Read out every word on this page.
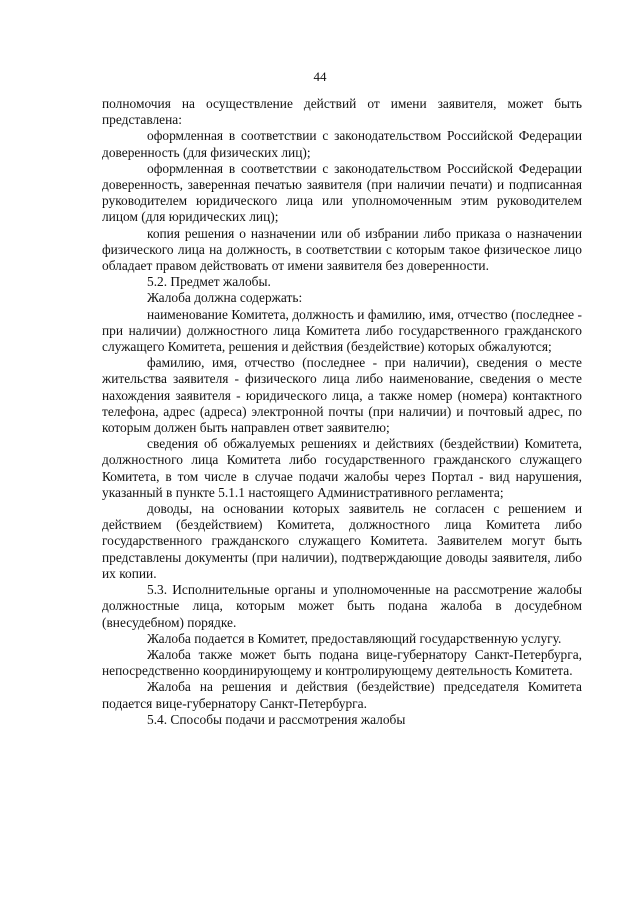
44

полномочия на осуществление действий от имени заявителя, может быть представлена:

оформленная в соответствии с законодательством Российской Федерации доверенность (для физических лиц);

оформленная в соответствии с законодательством Российской Федерации доверенность, заверенная печатью заявителя (при наличии печати) и подписанная руководителем юридического лица или уполномоченным этим руководителем лицом (для юридических лиц);

копия решения о назначении или об избрании либо приказа о назначении физического лица на должность, в соответствии с которым такое физическое лицо обладает правом действовать от имени заявителя без доверенности.

5.2. Предмет жалобы.

Жалоба должна содержать:

наименование Комитета, должность и фамилию, имя, отчество (последнее - при наличии) должностного лица Комитета либо государственного гражданского служащего Комитета, решения и действия (бездействие) которых обжалуются;

фамилию, имя, отчество (последнее - при наличии), сведения о месте жительства заявителя - физического лица либо наименование, сведения о месте нахождения заявителя - юридического лица, а также номер (номера) контактного телефона, адрес (адреса) электронной почты (при наличии) и почтовый адрес, по которым должен быть направлен ответ заявителю;

сведения об обжалуемых решениях и действиях (бездействии) Комитета, должностного лица Комитета либо государственного гражданского служащего Комитета, в том числе в случае подачи жалобы через Портал - вид нарушения, указанный в пункте 5.1.1 настоящего Административного регламента;

доводы, на основании которых заявитель не согласен с решением и действием (бездействием) Комитета, должностного лица Комитета либо государственного гражданского служащего Комитета. Заявителем могут быть представлены документы (при наличии), подтверждающие доводы заявителя, либо их копии.

5.3. Исполнительные органы и уполномоченные на рассмотрение жалобы должностные лица, которым может быть подана жалоба в досудебном (внесудебном) порядке.

Жалоба подается в Комитет, предоставляющий государственную услугу.

Жалоба также может быть подана вице-губернатору Санкт-Петербурга, непосредственно координирующему и контролирующему деятельность Комитета.

Жалоба на решения и действия (бездействие) председателя Комитета подается вице-губернатору Санкт-Петербурга.

5.4. Способы подачи и рассмотрения жалобы
